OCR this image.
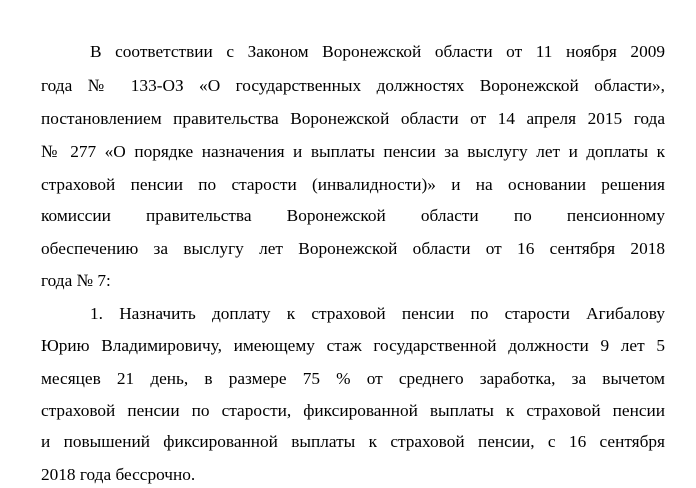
В соответствии с Законом Воронежской области от 11 ноября 2009
года № 133-ОЗ «О государственных должностях Воронежской области»,
постановлением правительства Воронежской области от 14 апреля 2015 года
№ 277 «О порядке назначения и выплаты пенсии за выслугу лет и доплаты к
страховой пенсии по старости (инвалидности)» и на основании решения
комиссии правительства Воронежской области по пенсионному
обеспечению за выслугу лет Воронежской области от 16 сентября 2018
года № 7:
1. Назначить доплату к страховой пенсии по старости Агибалову
Юрию Владимировичу, имеющему стаж государственной должности 9 лет 5
месяцев 21 день, в размере 75 % от среднего заработка, за вычетом
страховой пенсии по старости, фиксированной выплаты к страховой пенсии
и повышений фиксированной выплаты к страховой пенсии, с 16 сентября
2018 года бессрочно.
